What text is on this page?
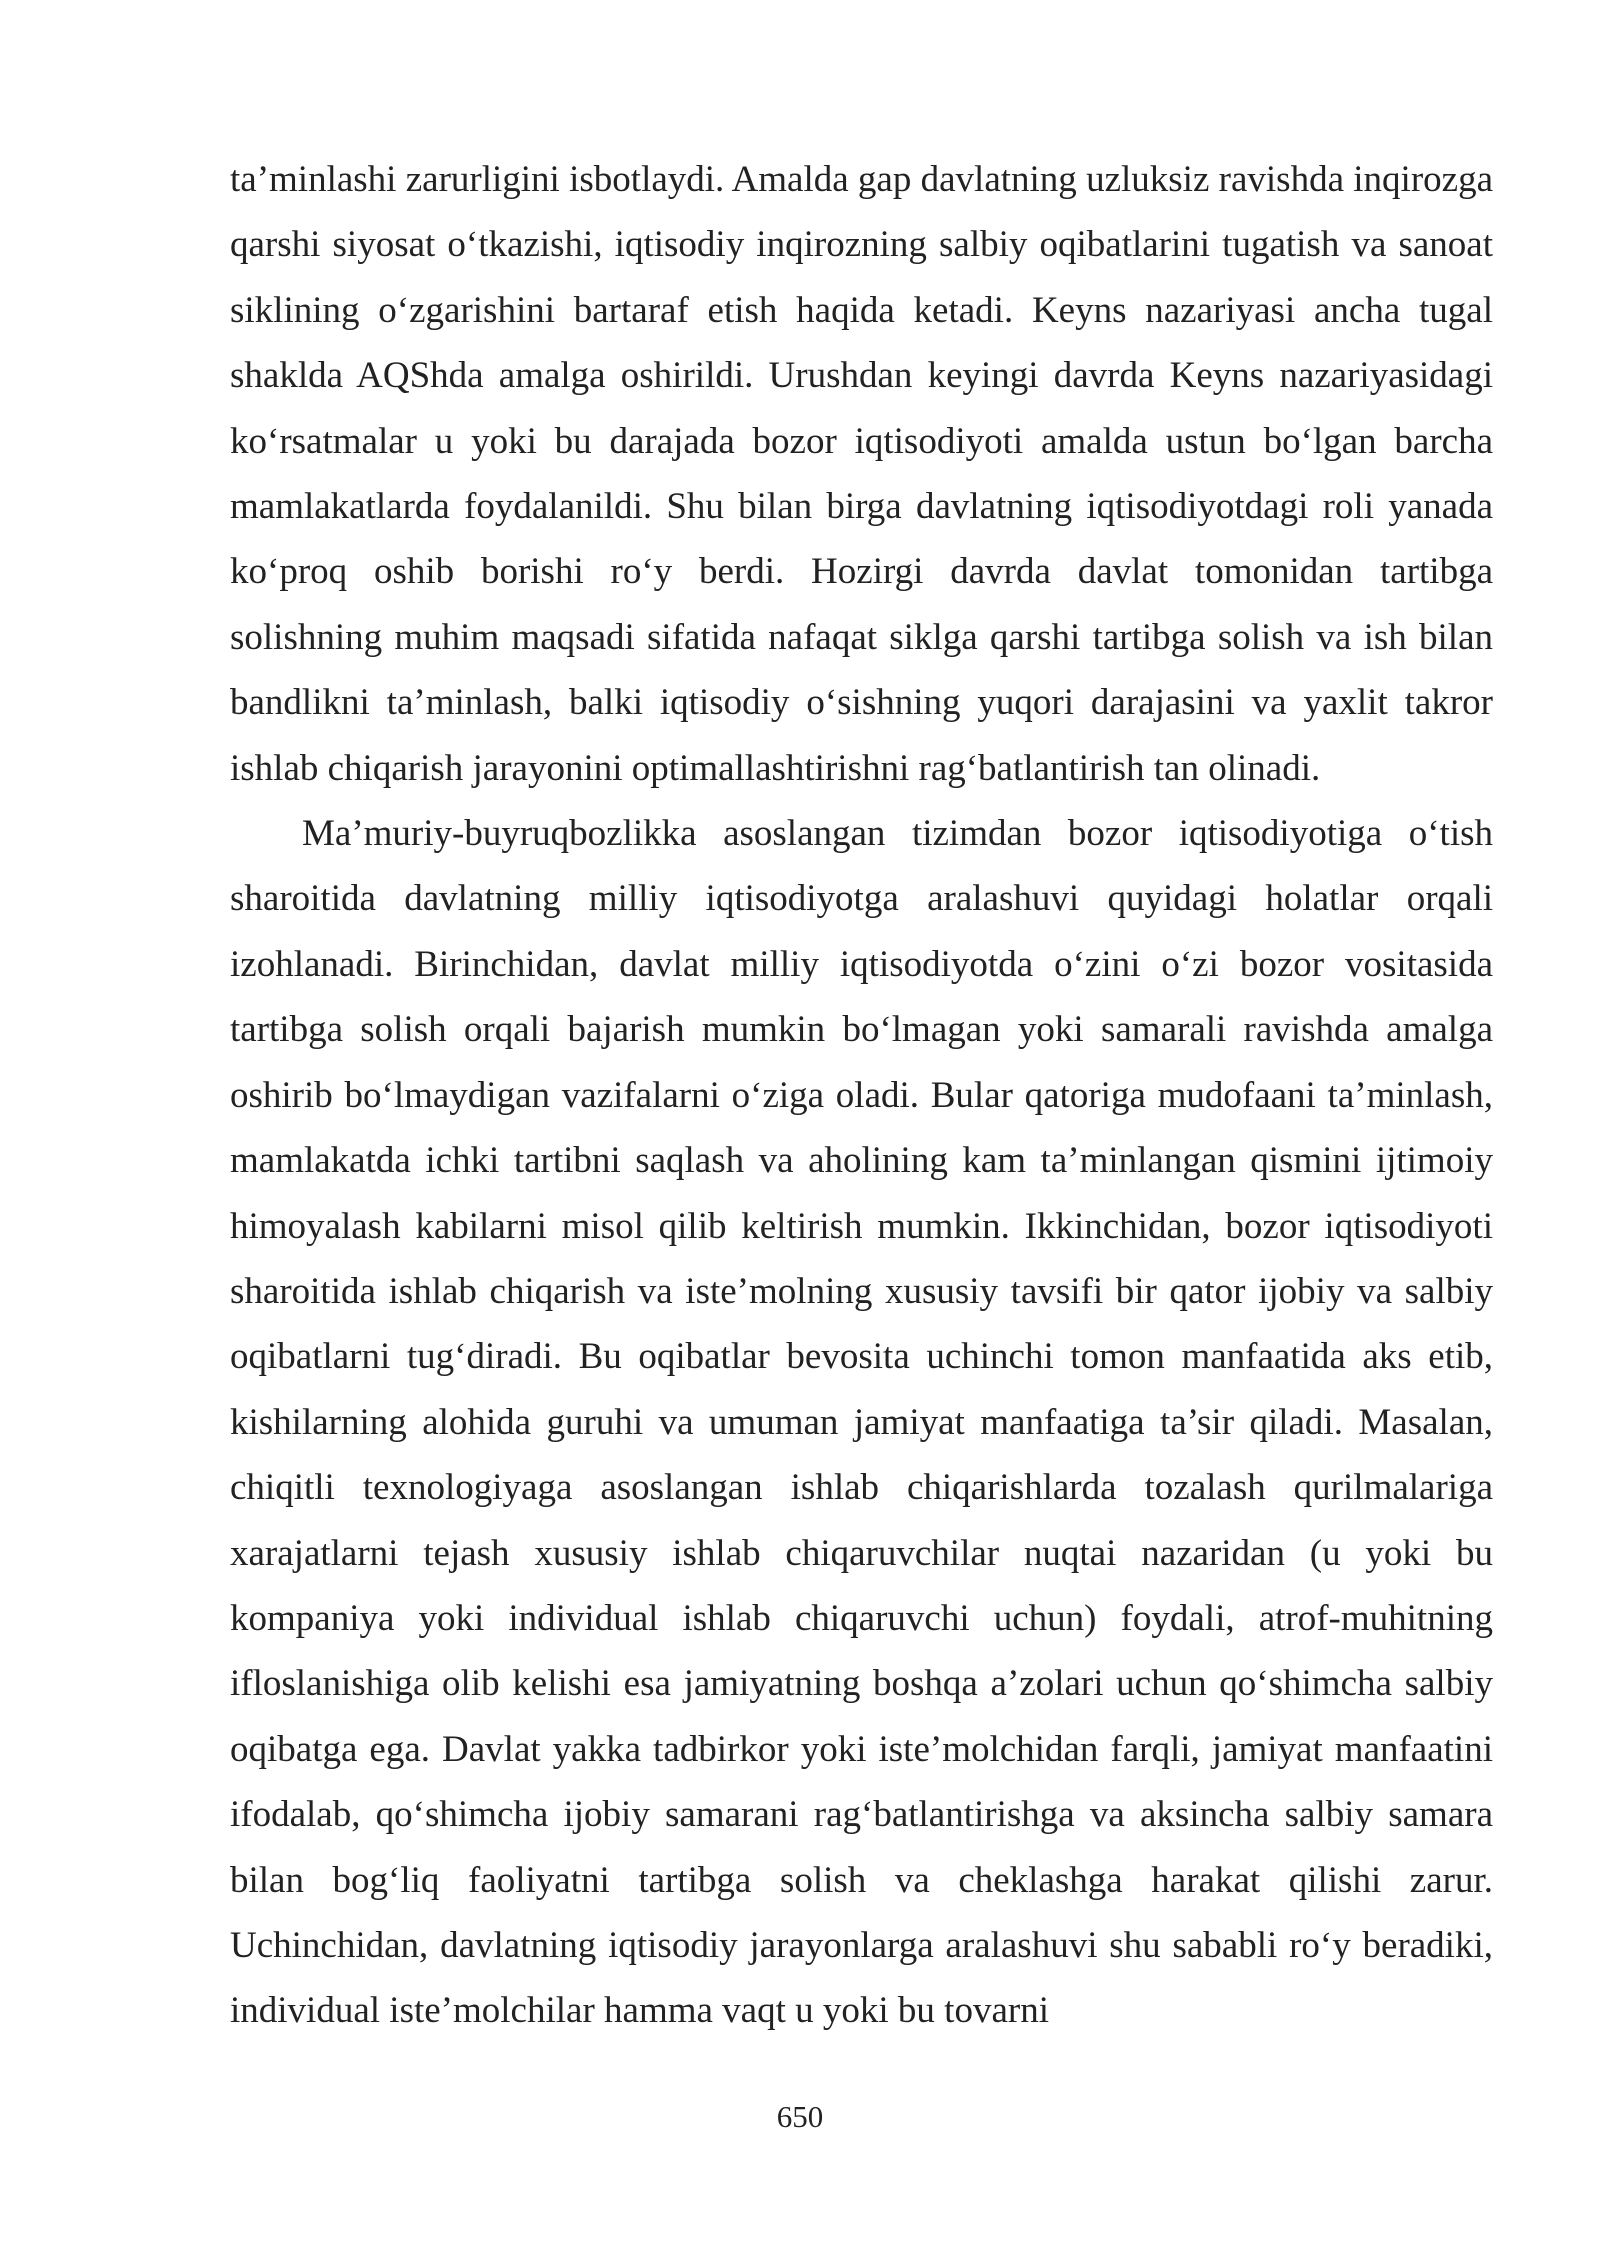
ta’minlashi zarurligini isbotlaydi. Amalda gap davlatning uzluksiz ravishda inqirozga qarshi siyosat o‘tkazishi, iqtisodiy inqirozning salbiy oqibatlarini tugatish va sanoat siklining o‘zgarishini bartaraf etish haqida ketadi. Keyns nazariyasi ancha tugal shaklda AQShda amalga oshirildi. Urushdan keyingi davrda Keyns nazariyasidagi ko‘rsatmalar u yoki bu darajada bozor iqtisodiyoti amalda ustun bo‘lgan barcha mamlakatlarda foydalanildi. Shu bilan birga davlatning iqtisodiyotdagi roli yanada ko‘proq oshib borishi ro‘y berdi. Hozirgi davrda davlat tomonidan tartibga solishning muhim maqsadi sifatida nafaqat siklga qarshi tartibga solish va ish bilan bandlikni ta’minlash, balki iqtisodiy o‘sishning yuqori darajasini va yaxlit takror ishlab chiqarish jarayonini optimallashtirishni rag‘batlantirish tan olinadi.

Ma’muriy-buyruqbozlikka asoslangan tizimdan bozor iqtisodiyotiga o‘tish sharoitida davlatning milliy iqtisodiyotga aralashuvi quyidagi holatlar orqali izohlanadi. Birinchidan, davlat milliy iqtisodiyotda o‘zini o‘zi bozor vositasida tartibga solish orqali bajarish mumkin bo‘lmagan yoki samarali ravishda amalga oshirib bo‘lmaydigan vazifalarni o‘ziga oladi. Bular qatoriga mudofaani ta’minlash, mamlakatda ichki tartibni saqlash va aholining kam ta’minlangan qismini ijtimoiy himoyalash kabilarni misol qilib keltirish mumkin. Ikkinchidan, bozor iqtisodiyoti sharoitida ishlab chiqarish va iste’molning xususiy tavsifi bir qator ijobiy va salbiy oqibatlarni tug‘diradi. Bu oqibatlar bevosita uchinchi tomon manfaatida aks etib, kishilarning alohida guruhi va umuman jamiyat manfaatiga ta’sir qiladi. Masalan, chiqitli texnologiyaga asoslangan ishlab chiqarishlarda tozalash qurilmalariga xarajatlarni tejash xususiy ishlab chiqaruvchilar nuqtai nazaridan (u yoki bu kompaniya yoki individual ishlab chiqaruvchi uchun) foydali, atrof-muhitning ifloslanishiga olib kelishi esa jamiyatning boshqa a’zolari uchun qo‘shimcha salbiy oqibatga ega. Davlat yakka tadbirkor yoki iste’molchidan farqli, jamiyat manfaatini ifodalab, qo‘shimcha ijobiy samarani rag‘batlantirishga va aksincha salbiy samara bilan bog‘liq faoliyatni tartibga solish va cheklashga harakat qilishi zarur. Uchinchidan, davlatning iqtisodiy jarayonlarga aralashuvi shu sababli ro‘y beradiki, individual iste’molchilar hamma vaqt u yoki bu tovarni

650
